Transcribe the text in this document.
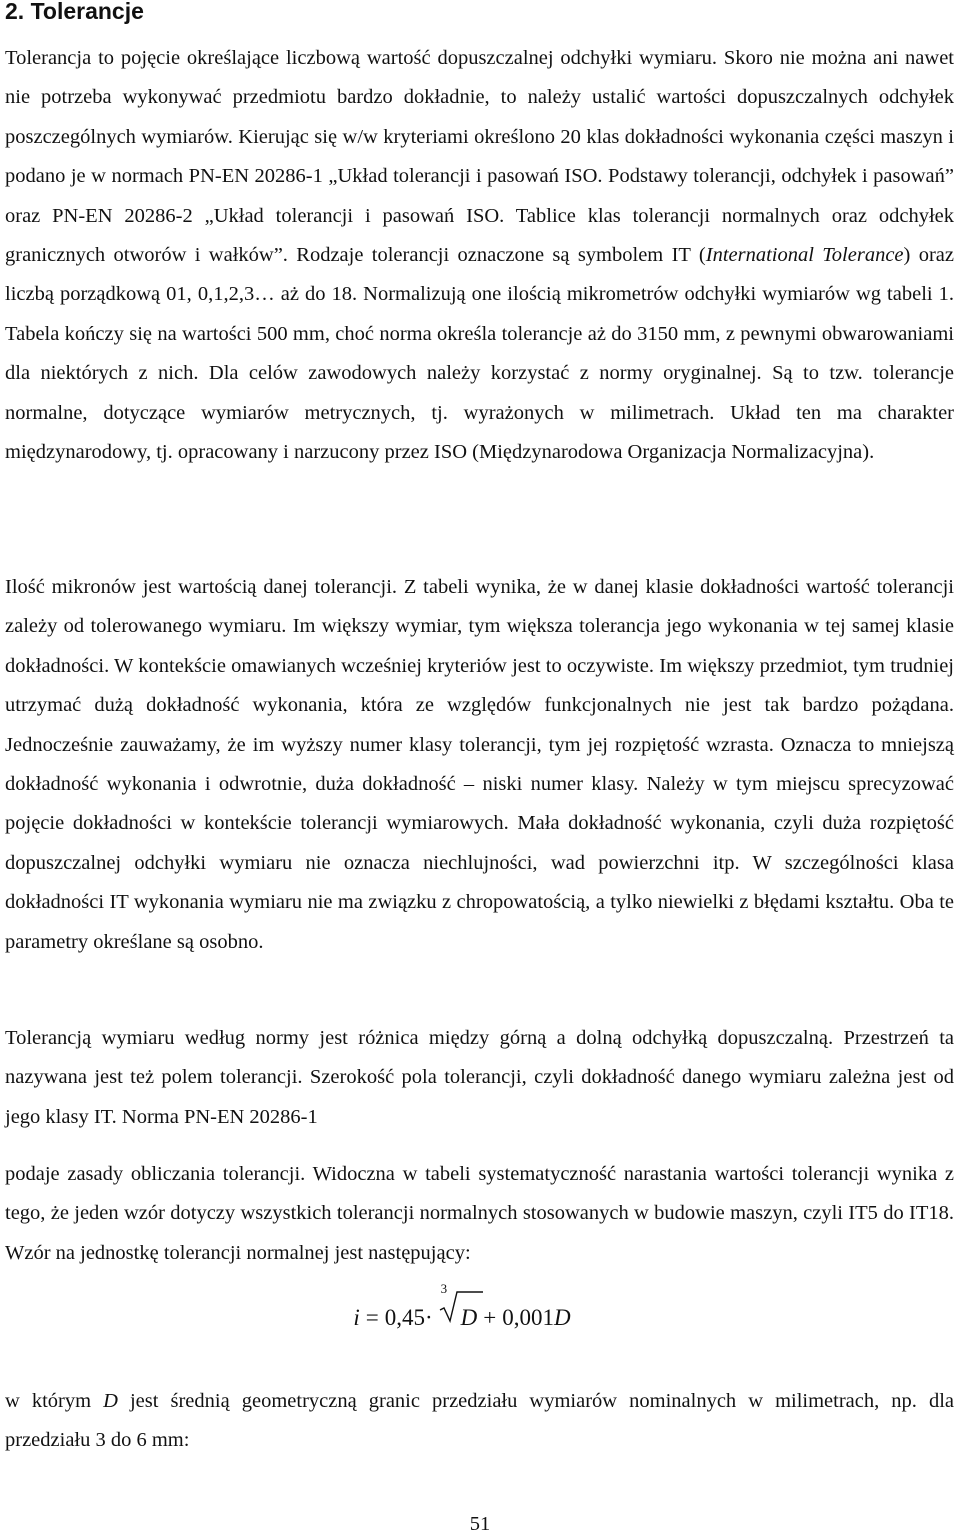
2. Tolerancje

Tolerancja to pojęcie określające liczbową wartość dopuszczalnej odchyłki wymiaru. Skoro nie można ani nawet nie potrzeba wykonywać przedmiotu bardzo dokładnie, to należy ustalić wartości dopuszczalnych odchyłek poszczególnych wymiarów. Kierując się w/w kryteriami określono 20 klas dokładności wykonania części maszyn i podano je w normach PN-EN 20286-1 „Układ tolerancji i pasowań ISO. Podstawy tolerancji, odchyłek i pasowań” oraz PN-EN 20286-2 „Układ tolerancji i pasowań ISO. Tablice klas tolerancji normalnych oraz odchyłek granicznych otworów i wałków”. Rodzaje tolerancji oznaczone są symbolem IT (International Tolerance) oraz liczbą porządkową 01, 0,1,2,3… aż do 18. Normalizują one ilością mikrometrów odchyłki wymiarów wg tabeli 1. Tabela kończy się na wartości 500 mm, choć norma określa tolerancje aż do 3150 mm, z pewnymi obwarowaniami dla niektórych z nich. Dla celów zawodowych należy korzystać z normy oryginalnej. Są to tzw. tolerancje normalne, dotyczące wymiarów metrycznych, tj. wyrażonych w milimetrach. Układ ten ma charakter międzynarodowy, tj. opracowany i narzucony przez ISO (Międzynarodowa Organizacja Normalizacyjna).

Ilość mikronów jest wartością danej tolerancji. Z tabeli wynika, że w danej klasie dokładności wartość tolerancji zależy od tolerowanego wymiaru. Im większy wymiar, tym większa tolerancja jego wykonania w tej samej klasie dokładności. W kontekście omawianych wcześniej kryteriów jest to oczywiste. Im większy przedmiot, tym trudniej utrzymać dużą dokładność wykonania, która ze względów funkcjonalnych nie jest tak bardzo pożądana. Jednocześnie zauważamy, że im wyższy numer klasy tolerancji, tym jej rozpiętość wzrasta. Oznacza to mniejszą dokładność wykonania i odwrotnie, duża dokładność – niski numer klasy. Należy w tym miejscu sprecyzować pojęcie dokładności w kontekście tolerancji wymiarowych. Mała dokładność wykonania, czyli duża rozpiętość dopuszczalnej odchyłki wymiaru nie oznacza niechlujności, wad powierzchni itp. W szczególności klasa dokładności IT wykonania wymiaru nie ma związku z chropowatością, a tylko niewielki z błędami kształtu. Oba te parametry określane są osobno.

Tolerancją wymiaru według normy jest różnica między górną a dolną odchyłką dopuszczalną. Przestrzeń ta nazywana jest też polem tolerancji. Szerokość pola tolerancji, czyli dokładność danego wymiaru zależna jest od jego klasy IT. Norma PN-EN 20286-1

podaje zasady obliczania tolerancji. Widoczna w tabeli systematyczność narastania wartości tolerancji wynika z tego, że jeden wzór dotyczy wszystkich tolerancji normalnych stosowanych w budowie maszyn, czyli IT5 do IT18. Wzór na jednostkę tolerancji normalnej jest następujący:

i = 0,45·
3
D + 0,001D

w którym D jest średnią geometryczną granic przedziału wymiarów nominalnych w milimetrach, np. dla przedziału 3 do 6 mm:

51
